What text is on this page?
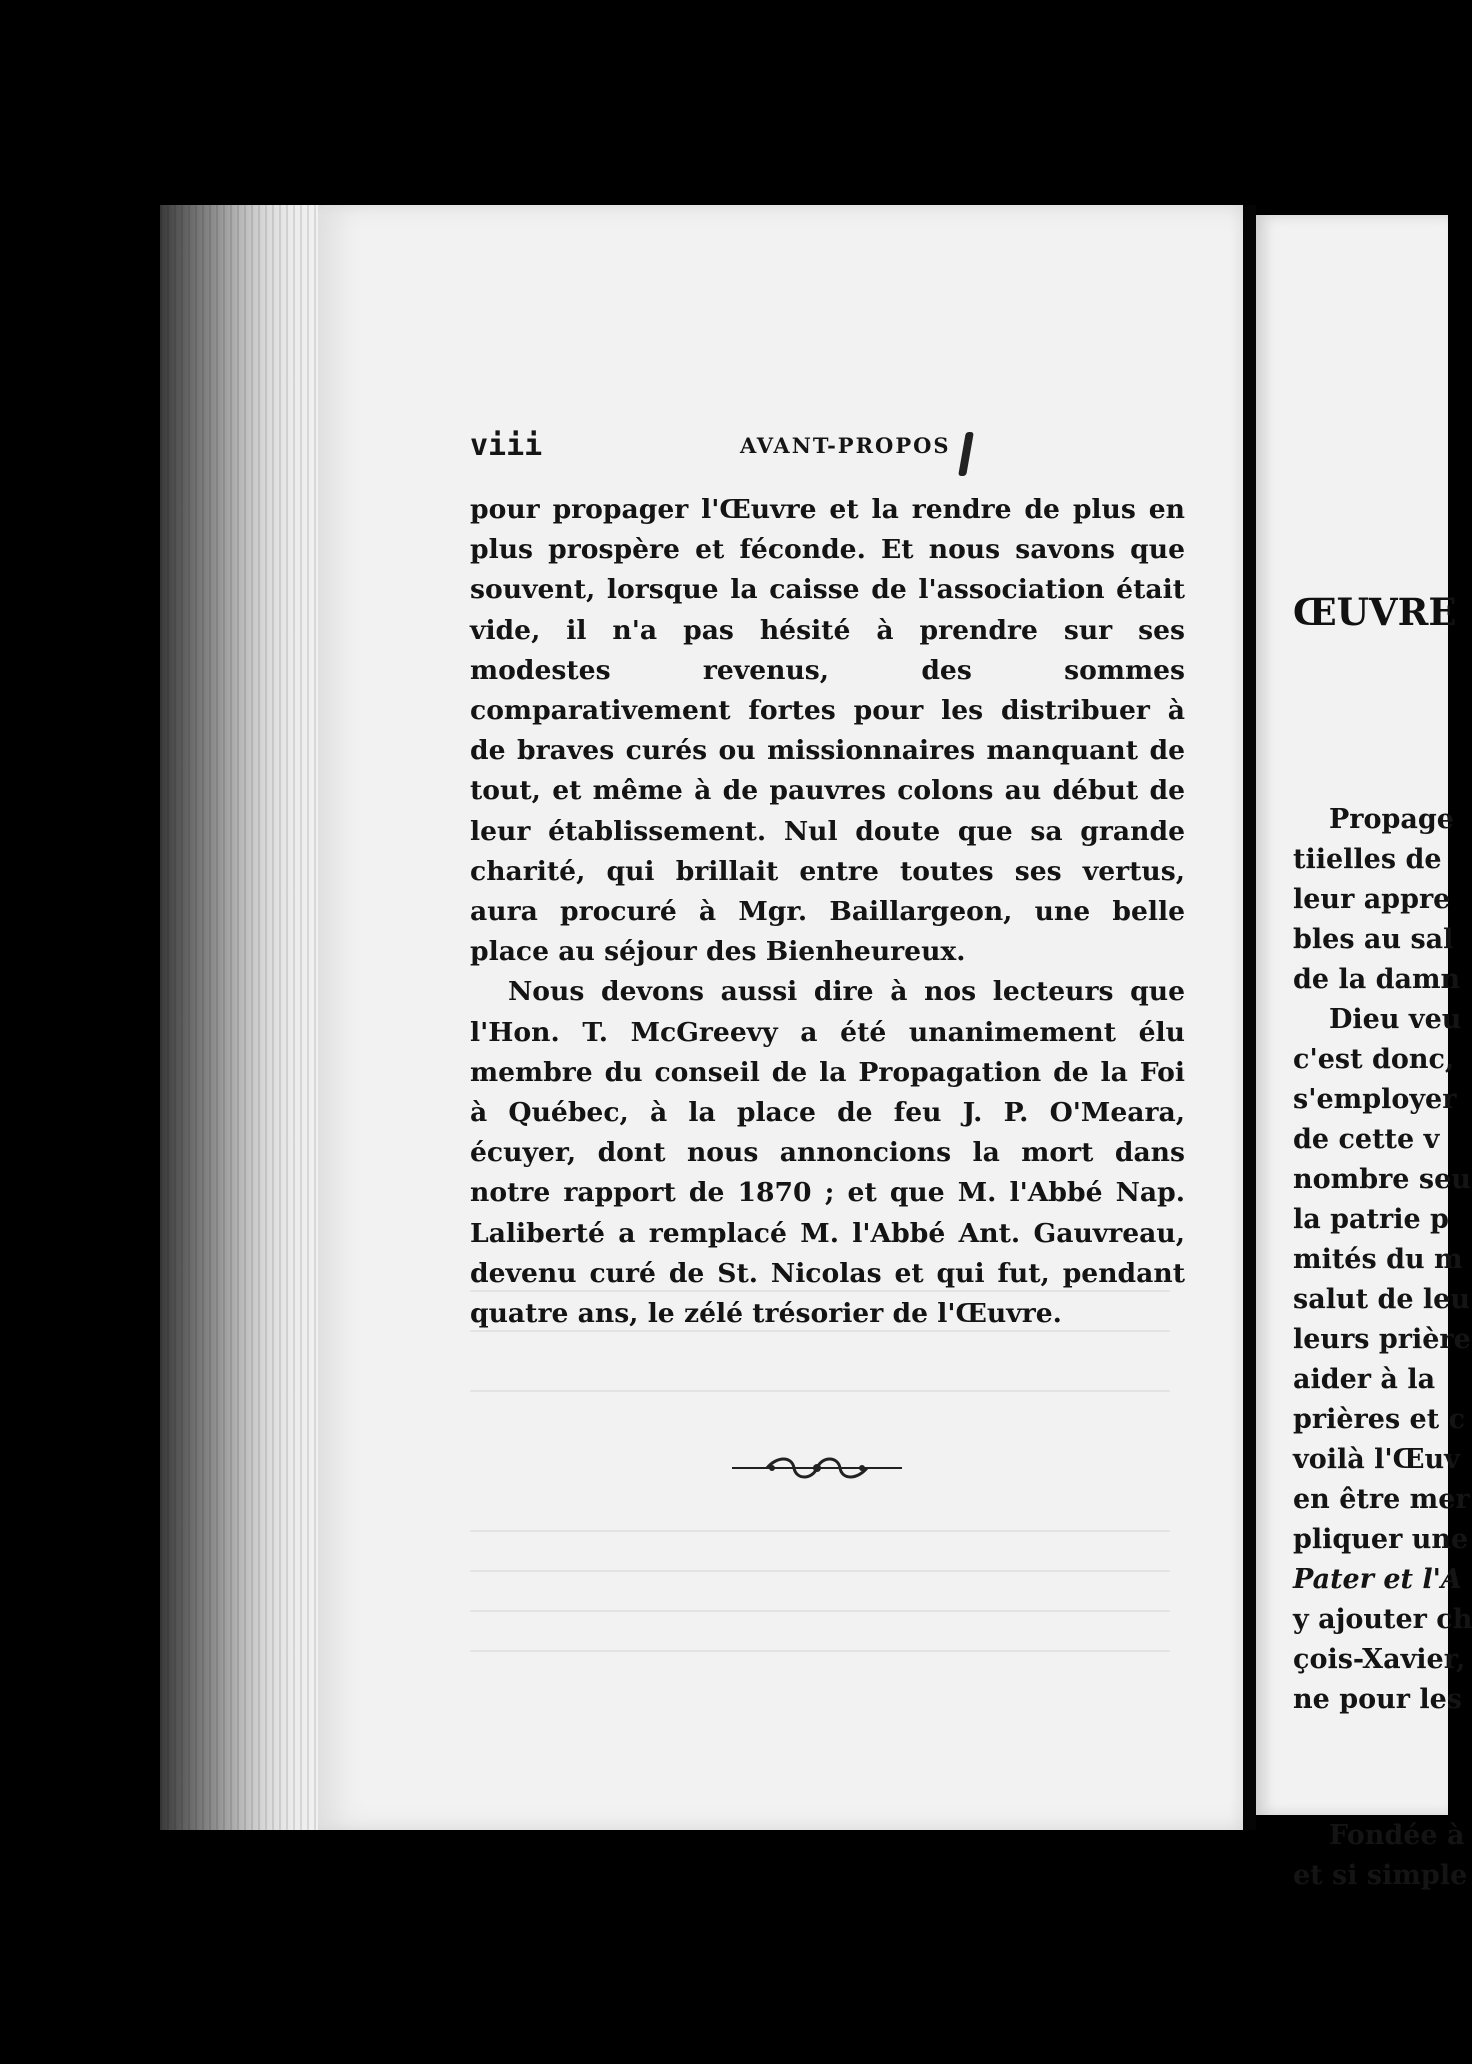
viii	AVANT-PROPOS

pour propager l'Œuvre et la rendre de plus en plus prospère et féconde. Et nous savons que souvent, lorsque la caisse de l'association était vide, il n'a pas hésité à prendre sur ses modestes revenus, des sommes comparativement fortes pour les distribuer à de braves curés ou missionnaires manquant de tout, et même à de pauvres colons au début de leur établissement. Nul doute que sa grande charité, qui brillait entre toutes ses vertus, aura procuré à Mgr. Baillargeon, une belle place au séjour des Bienheureux.

Nous devons aussi dire à nos lecteurs que l'Hon. T. McGreevy a été unanimement élu membre du conseil de la Propagation de la Foi à Québec, à la place de feu J. P. O'Meara, écuyer, dont nous annoncions la mort dans notre rapport de 1870 ; et que M. l'Abbé Nap. Laliberté a remplacé M. l'Abbé Ant. Gauvreau, devenu curé de St. Nicolas et qui fut, pendant quatre ans, le zélé trésorier de l'Œuvre.

ŒUVRE
Propage
tiielles de
leur appre
bles au sal
de la damn
Dieu veu
c'est donc,
s'employer
de cette v
nombre seu
la patrie p
mités du m
salut de leu
leurs prière
aider à la
prières et c
voilà l'Œuv
en être mer
pliquer une
Pater et l'A
y ajouter ch
çois-Xavier,
ne pour les
Fondée à
et si simple
